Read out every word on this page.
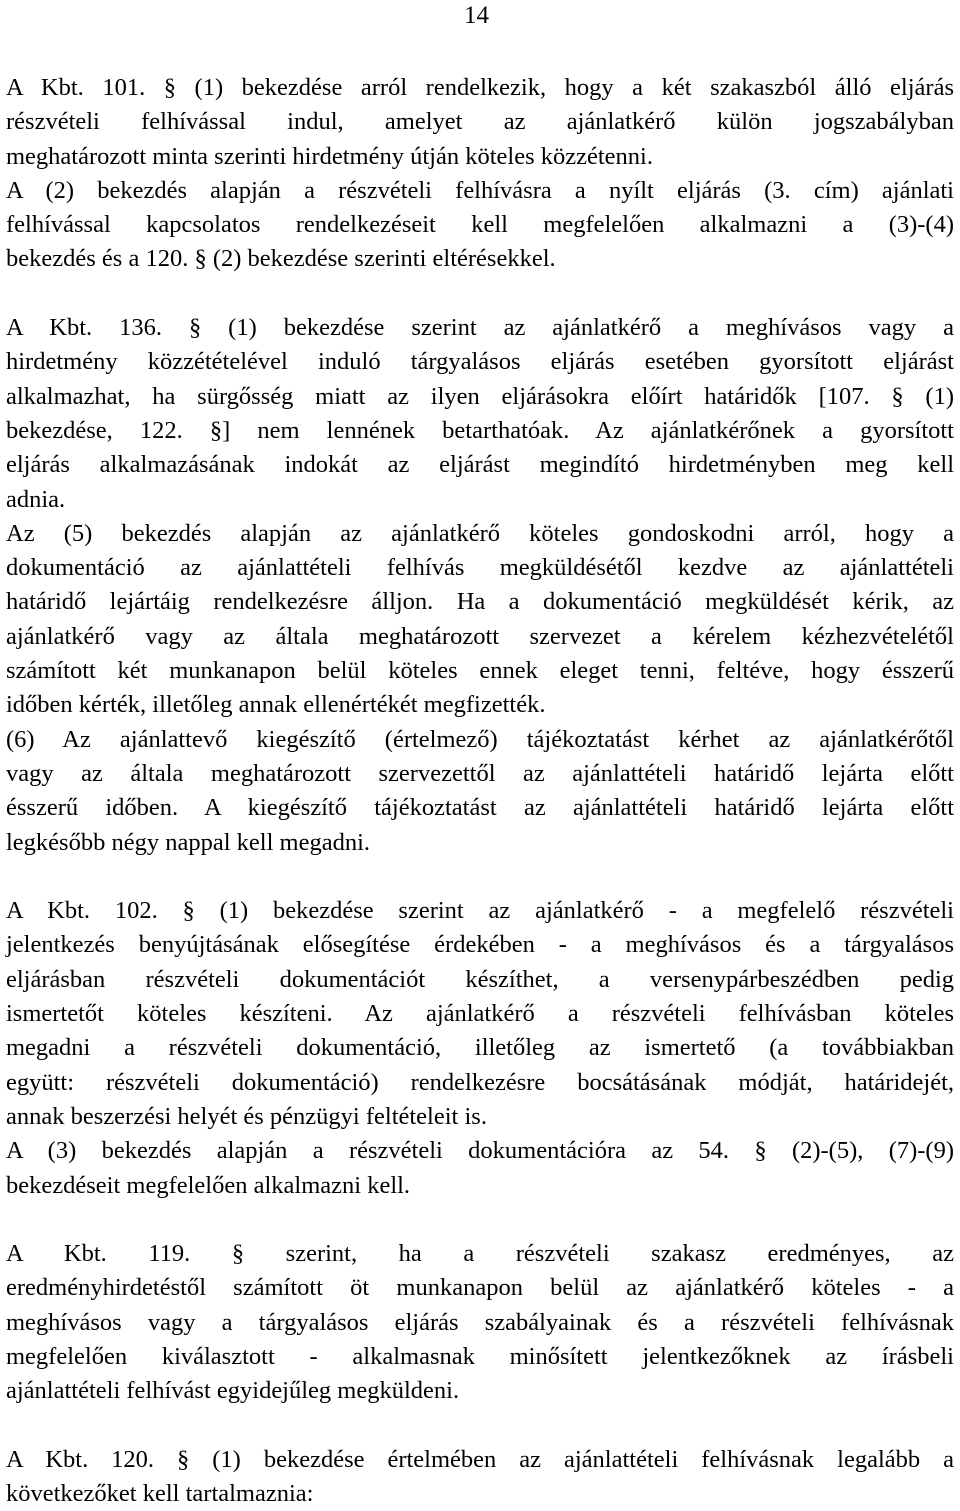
14
A Kbt. 101. § (1) bekezdése arról rendelkezik, hogy a két szakaszból álló eljárás
részvételi felhívással indul, amelyet az ajánlatkérő külön jogszabályban
meghatározott minta szerinti hirdetmény útján köteles közzétenni.
A (2) bekezdés alapján a részvételi felhívásra a nyílt eljárás (3. cím) ajánlati
felhívással kapcsolatos rendelkezéseit kell megfelelően alkalmazni a (3)-(4)
bekezdés és a 120. § (2) bekezdése szerinti eltérésekkel.
A Kbt. 136. § (1) bekezdése szerint az ajánlatkérő a meghívásos vagy a
hirdetmény közzétételével induló tárgyalásos eljárás esetében gyorsított eljárást
alkalmazhat, ha sürgősség miatt az ilyen eljárásokra előírt határidők [107. § (1)
bekezdése, 122. §] nem lennének betarthatóak. Az ajánlatkérőnek a gyorsított
eljárás alkalmazásának indokát az eljárást megindító hirdetményben meg kell
adnia.
Az (5) bekezdés alapján az ajánlatkérő köteles gondoskodni arról, hogy a
dokumentáció az ajánlattételi felhívás megküldésétől kezdve az ajánlattételi
határidő lejártáig rendelkezésre álljon. Ha a dokumentáció megküldését kérik, az
ajánlatkérő vagy az általa meghatározott szervezet a kérelem kézhezvételétől
számított két munkanapon belül köteles ennek eleget tenni, feltéve, hogy ésszerű
időben kérték, illetőleg annak ellenértékét megfizették.
(6) Az ajánlattevő kiegészítő (értelmező) tájékoztatást kérhet az ajánlatkérőtől
vagy az általa meghatározott szervezettől az ajánlattételi határidő lejárta előtt
ésszerű időben. A kiegészítő tájékoztatást az ajánlattételi határidő lejárta előtt
legkésőbb négy nappal kell megadni.
A Kbt. 102. § (1) bekezdése szerint az ajánlatkérő - a megfelelő részvételi
jelentkezés benyújtásának elősegítése érdekében - a meghívásos és a tárgyalásos
eljárásban részvételi dokumentációt készíthet, a versenypárbeszédben pedig
ismertetőt köteles készíteni. Az ajánlatkérő a részvételi felhívásban köteles
megadni a részvételi dokumentáció, illetőleg az ismertető (a továbbiakban
együtt: részvételi dokumentáció) rendelkezésre bocsátásának módját, határidejét,
annak beszerzési helyét és pénzügyi feltételeit is.
A (3) bekezdés alapján a részvételi dokumentációra az 54. § (2)-(5), (7)-(9)
bekezdéseit megfelelően alkalmazni kell.
A Kbt. 119. § szerint, ha a részvételi szakasz eredményes, az
eredményhirdetéstől számított öt munkanapon belül az ajánlatkérő köteles - a
meghívásos vagy a tárgyalásos eljárás szabályainak és a részvételi felhívásnak
megfelelően kiválasztott - alkalmasnak minősített jelentkezőknek az írásbeli
ajánlattételi felhívást egyidejűleg megküldeni.
A Kbt. 120. § (1) bekezdése értelmében az ajánlattételi felhívásnak legalább a
következőket kell tartalmaznia:
